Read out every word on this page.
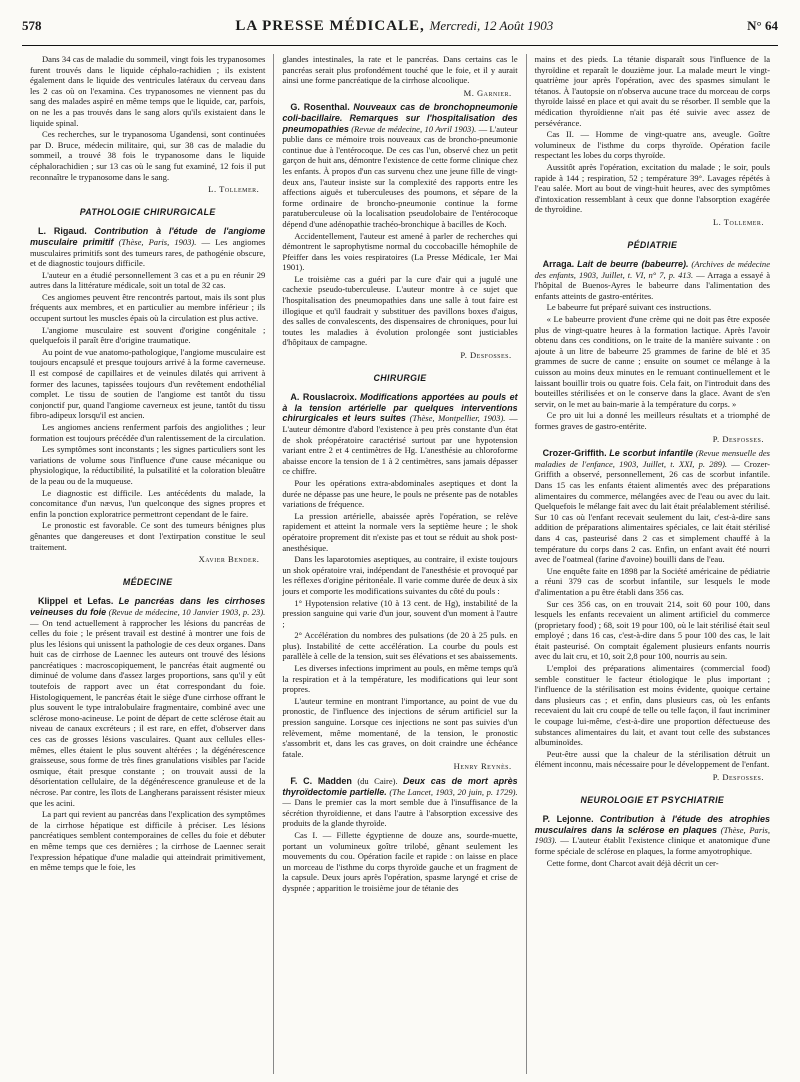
578	LA PRESSE MÉDICALE, Mercredi, 12 Août 1903	N° 64

Dans 34 cas de maladie du sommeil, vingt fois les trypanosomes furent trouvés dans le liquide céphalo-rachidien ; ils existent également dans le liquide des ventricules latéraux du cerveau dans les 2 cas où on l'examina. Ces trypanosomes ne viennent pas du sang des malades aspiré en même temps que le liquide, car, parfois, on ne les a pas trouvés dans le sang alors qu'ils existaient dans le liquide spinal.

Ces recherches, sur le trypanosoma Ugandensi, sont continuées par D. Bruce, médecin militaire, qui, sur 38 cas de maladie du sommeil, a trouvé 38 fois le trypanosome dans le liquide céphalorachidien ; sur 13 cas où le sang fut examiné, 12 fois il put reconnaître le trypanosome dans le sang.

L. Tollemer.

PATHOLOGIE CHIRURGICALE

L. Rigaud. Contribution à l'étude de l'angiome musculaire primitif (Thèse, Paris, 1903). — Les angiomes musculaires primitifs sont des tumeurs rares, de pathogénie obscure, et de diagnostic toujours difficile.

L'auteur en a étudié personnellement 3 cas et a pu en réunir 29 autres dans la littérature médicale, soit un total de 32 cas.

Ces angiomes peuvent être rencontrés partout, mais ils sont plus fréquents aux membres, et en particulier au membre inférieur ; ils occupent surtout les muscles épais où la circulation est plus active.

L'angiome musculaire est souvent d'origine congénitale ; quelquefois il paraît être d'origine traumatique.

Au point de vue anatomo-pathologique, l'angiome musculaire est toujours encapsulé et presque toujours arrivé à la forme caverneuse. Il est composé de capillaires et de veinules dilatés qui arrivent à former des lacunes, tapissées toujours d'un revêtement endothélial complet. Le tissu de soutien de l'angiome est tantôt du tissu conjonctif pur, quand l'angiome caverneux est jeune, tantôt du tissu fibro-adipeux lorsqu'il est ancien.

Les angiomes anciens renferment parfois des angiolithes ; leur formation est toujours précédée d'un ralentissement de la circulation.

Les symptômes sont inconstants ; les signes particuliers sont les variations de volume sous l'influence d'une cause mécanique ou physiologique, la réductibilité, la pulsatilité et la coloration bleuâtre de la peau ou de la muqueuse.

Le diagnostic est difficile. Les antécédents du malade, la concomitance d'un nævus, l'un quelconque des signes propres et enfin la ponction exploratrice permettront cependant de le faire.

Le pronostic est favorable. Ce sont des tumeurs bénignes plus gênantes que dangereuses et dont l'extirpation constitue le seul traitement.

Xavier Bender.

MÉDECINE

Klippel et Lefas. Le pancréas dans les cirrhoses veineuses du foie (Revue de médecine, 10 Janvier 1903, p. 23). — On tend actuellement à rapprocher les lésions du pancréas de celles du foie ; le présent travail est destiné à montrer une fois de plus les lésions qui unissent la pathologie de ces deux organes. Dans huit cas de cirrhose de Laennec les auteurs ont trouvé des lésions pancréatiques : macroscopiquement, le pancréas était augmenté ou diminué de volume dans d'assez larges proportions, sans qu'il y eût toutefois de rapport avec un état correspondant du foie. Histologiquement, le pancréas était le siège d'une cirrhose offrant le plus souvent le type intralobulaire fragmentaire, combiné avec une sclérose mono-acineuse. Le point de départ de cette sclérose était au niveau de canaux excréteurs ; il est rare, en effet, d'observer dans ces cas de grosses lésions vasculaires. Quant aux cellules elles-mêmes, elles étaient le plus souvent altérées ; la dégénérescence graisseuse, sous forme de très fines granulations visibles par l'acide osmique, était presque constante ; on trouvait aussi de la désorientation cellulaire, de la dégénérescence granuleuse et de la nécrose. Par contre, les îlots de Langherans paraissent résister mieux que les acini.

La part qui revient au pancréas dans l'explication des symptômes de la cirrhose hépatique est difficile à préciser. Les lésions pancréatiques semblent contemporaines de celles du foie et débuter en même temps que ces dernières ; la cirrhose de Laennec serait l'expression hépatique d'une maladie qui atteindrait primitivement, en même temps que le foie, les

glandes intestinales, la rate et le pancréas. Dans certains cas le pancréas serait plus profondément touché que le foie, et il y aurait ainsi une forme pancréatique de la cirrhose alcoolique.

M. Garnier.

G. Rosenthal. Nouveaux cas de bronchopneumonie coli-bacillaire. Remarques sur l'hospitalisation des pneumopathies (Revue de médecine, 10 Avril 1903). — L'auteur publie dans ce mémoire trois nouveaux cas de broncho-pneumonie continue due à l'entérocoque. De ces cas l'un, observé chez un petit garçon de huit ans, démontre l'existence de cette forme clinique chez les enfants. À propos d'un cas survenu chez une jeune fille de vingt-deux ans, l'auteur insiste sur la complexité des rapports entre les affections aiguës et tuberculeuses des poumons, et sépare de la forme ordinaire de broncho-pneumonie continue la forme paratuberculeuse où la localisation pseudolobaire de l'entérocoque dépend d'une adénopathie trachéo-bronchique à bacilles de Koch.

Accidentellement, l'auteur est amené à parler de recherches qui démontrent le saprophytisme normal du coccobacille hémophile de Pfeiffer dans les voies respiratoires (La Presse Médicale, 1er Mai 1901).

Le troisième cas a guéri par la cure d'air qui a jugulé une cachexie pseudo-tuberculeuse. L'auteur montre à ce sujet que l'hospitalisation des pneumopathies dans une salle à tout faire est illogique et qu'il faudrait y substituer des pavillons boxes d'aigus, des salles de convalescents, des dispensaires de chroniques, pour lui toutes les maladies à évolution prolongée sont justiciables d'hôpitaux de campagne.

P. Desfosses.

CHIRURGIE

A. Rouslacroix. Modifications apportées au pouls et à la tension artérielle par quelques interventions chirurgicales et leurs suites (Thèse, Montpellier, 1903). — L'auteur démontre d'abord l'existence à peu près constante d'un état de shok préopératoire caractérisé surtout par une hypotension variant entre 2 et 4 centimètres de Hg. L'anesthésie au chloroforme abaisse encore la tension de 1 à 2 centimètres, sans jamais dépasser ce chiffre.

Pour les opérations extra-abdominales aseptiques et dont la durée ne dépasse pas une heure, le pouls ne présente pas de notables variations de fréquence.

La pression artérielle, abaissée après l'opération, se relève rapidement et atteint la normale vers la septième heure ; le shok opératoire proprement dit n'existe pas et tout se réduit au shok post-anesthésique.

Dans les laparotomies aseptiques, au contraire, il existe toujours un shok opératoire vrai, indépendant de l'anesthésie et provoqué par les réflexes d'origine péritonéale. Il varie comme durée de deux à six jours et comporte les modifications suivantes du côté du pouls :

1° Hypotension relative (10 à 13 cent. de Hg), instabilité de la pression sanguine qui varie d'un jour, souvent d'un moment à l'autre ;

2° Accélération du nombres des pulsations (de 20 à 25 puls. en plus). Instabilité de cette accélération. La courbe du pouls est parallèle à celle de la tension, suit ses élévations et ses abaissements.

Les diverses infections impriment au pouls, en même temps qu'à la respiration et à la température, les modifications qui leur sont propres.

L'auteur termine en montrant l'importance, au point de vue du pronostic, de l'influence des injections de sérum artificiel sur la pression sanguine. Lorsque ces injections ne sont pas suivies d'un relèvement, même momentané, de la tension, le pronostic s'assombrit et, dans les cas graves, on doit craindre une échéance fatale.

Henry Reynès.

F. C. Madden (du Caire). Deux cas de mort après thyroïdectomie partielle. (The Lancet, 1903, 20 juin, p. 1729). — Dans le premier cas la mort semble due à l'insuffisance de la sécrétion thyroïdienne, et dans l'autre à l'absorption excessive des produits de la glande thyroïde.

Cas I. — Fillette égyptienne de douze ans, sourde-muette, portant un volumineux goître trilobé, gênant seulement les mouvements du cou. Opération facile et rapide : on laisse en place un morceau de l'isthme du corps thyroïde gauche et un fragment de la capsule. Deux jours après l'opération, spasme laryngé et crise de dyspnée ; apparition le troisième jour de tétanie des

mains et des pieds. La tétanie disparaît sous l'influence de la thyroïdine et reparaît le douzième jour. La malade meurt le vingt-quatrième jour après l'opération, avec des spasmes simulant le tétanos. À l'autopsie on n'observa aucune trace du morceau de corps thyroïde laissé en place et qui avait du se résorber. Il semble que la médication thyroïdienne n'ait pas été suivie avec assez de persévérance.

Cas II. — Homme de vingt-quatre ans, aveugle. Goître volumineux de l'isthme du corps thyroïde. Opération facile respectant les lobes du corps thyroïde.

Aussitôt après l'opération, excitation du malade ; le soir, pouls rapide à 144 ; respiration, 52 ; température 39°. Lavages répétés à l'eau salée. Mort au bout de vingt-huit heures, avec des symptômes d'intoxication ressemblant à ceux que donne l'absorption exagérée de thyroïdine.

L. Tollemer.

PÉDIATRIE

Arraga. Lait de beurre (babeurre). (Archives de médecine des enfants, 1903, Juillet, t. VI, n° 7, p. 413. — Arraga a essayé à l'hôpital de Buenos-Ayres le babeurre dans l'alimentation des enfants atteints de gastro-entérites.

Le babeurre fut préparé suivant ces instructions.

« Le babeurre provient d'une crème qui ne doit pas être exposée plus de vingt-quatre heures à la formation lactique. Après l'avoir obtenu dans ces conditions, on le traite de la manière suivante : on ajoute à un litre de babeurre 25 grammes de farine de blé et 35 grammes de sucre de canne ; ensuite on soumet ce mélange à la cuisson au moins deux minutes en le remuant continuellement et le laissant bouillir trois ou quatre fois. Cela fait, on l'introduit dans des bouteilles stérilisées et on le conserve dans la glace. Avant de s'en servir, on le met au bain-marie à la température du corps. »

Ce pro uit lui a donné les meilleurs résultats et a triomphé de formes graves de gastro-entérite.

P. Desfosses.

Crozer-Griffith. Le scorbut infantile (Revue mensuelle des maladies de l'enfance, 1903, Juillet, t. XXI, p. 289). — Crozer-Griffith a observé, personnellement, 26 cas de scorbut infantile. Dans 15 cas les enfants étaient alimentés avec des préparations alimentaires du commerce, mélangées avec de l'eau ou avec du lait. Quelquefois le mélange fait avec du lait était préalablement stérilisé. Sur 10 cas où l'enfant recevait seulement du lait, c'est-à-dire sans addition de préparations alimentaires spéciales, ce lait était stérilisé dans 4 cas, pasteurisé dans 2 cas et simplement chauffé à la température du corps dans 2 cas. Enfin, un enfant avait été nourri avec de l'oatmeal (farine d'avoine) bouilli dans de l'eau.

Une enquête faite en 1898 par la Société américaine de pédiatrie a réuni 379 cas de scorbut infantile, sur lesquels le mode d'alimentation a pu être établi dans 356 cas.

Sur ces 356 cas, on en trouvait 214, soit 60 pour 100, dans lesquels les enfants recevaient un aliment artificiel du commerce (proprietary food) ; 68, soit 19 pour 100, où le lait stérilisé était seul employé ; dans 16 cas, c'est-à-dire dans 5 pour 100 des cas, le lait était pasteurisé. On comptait également plusieurs enfants nourris avec du lait cru, et 10, soit 2,8 pour 100, nourris au sein.

L'emploi des préparations alimentaires (commercial food) semble constituer le facteur étiologique le plus important ; l'influence de la stérilisation est moins évidente, quoique certaine dans plusieurs cas ; et enfin, dans plusieurs cas, où les enfants recevaient du lait cru coupé de telle ou telle façon, il faut incriminer le coupage lui-même, c'est-à-dire une proportion défectueuse des substances alimentaires du lait, et avant tout celle des substances albuminoïdes.

Peut-être aussi que la chaleur de la stérilisation détruit un élément inconnu, mais nécessaire pour le développement de l'enfant.

P. Desfosses.

NEUROLOGIE ET PSYCHIATRIE

P. Lejonne. Contribution à l'étude des atrophies musculaires dans la sclérose en plaques (Thèse, Paris, 1903). — L'auteur établit l'existence clinique et anatomique d'une forme spéciale de sclérose en plaques, la forme amyotrophique.

Cette forme, dont Charcot avait déjà décrit un cer-
